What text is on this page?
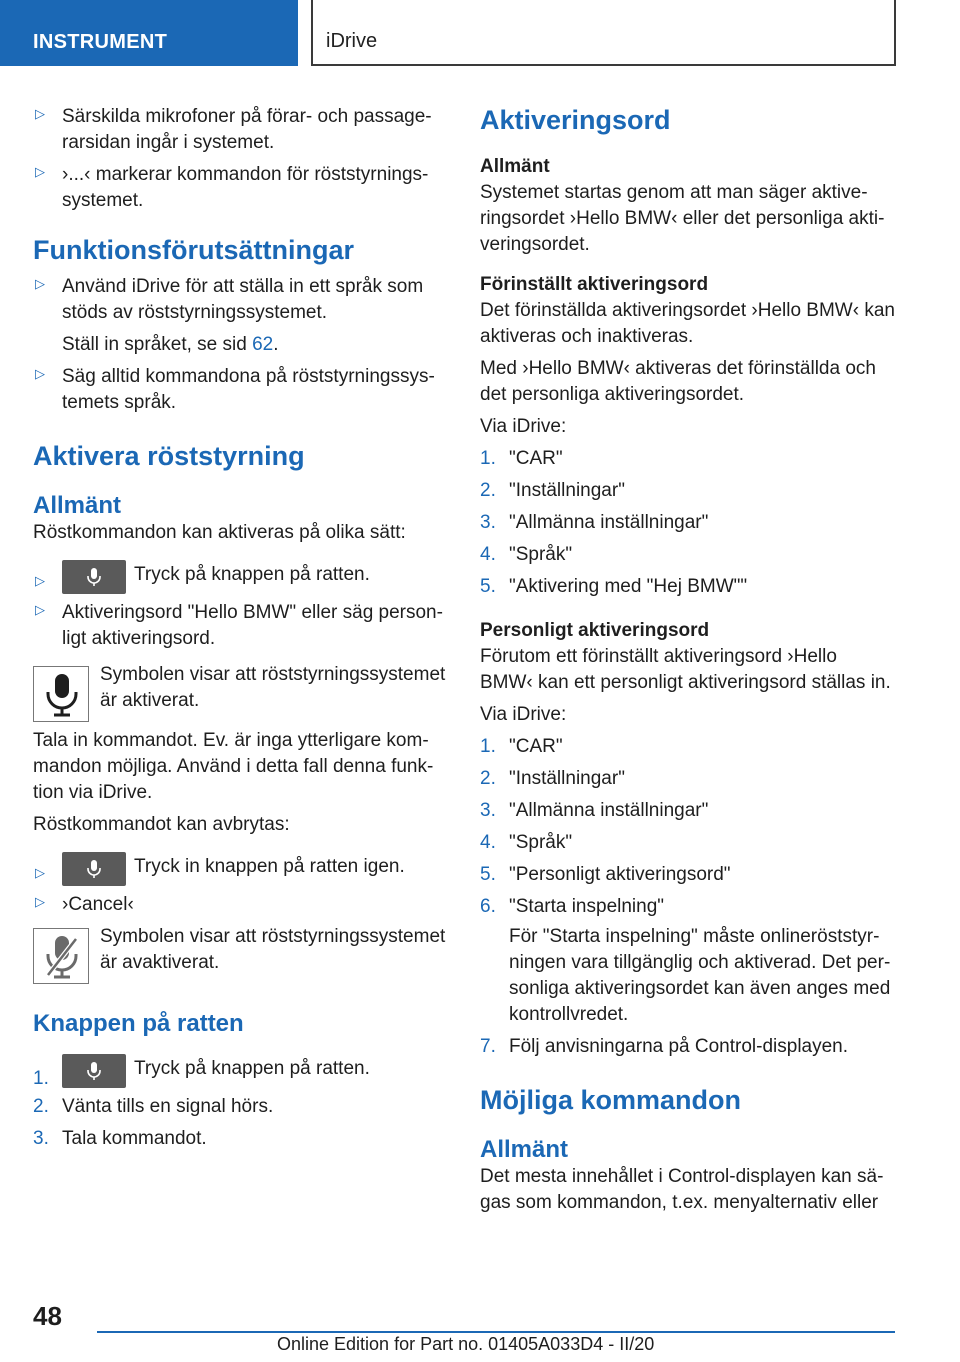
INSTRUMENT	iDrive
▷ Särskilda mikrofoner på förar- och passage-
rarsidan ingår i systemet.
▷ ›...‹ markerar kommandon för röststyrnings-
systemet.
Funktionsförutsättningar
▷ Använd iDrive för att ställa in ett språk som
stöds av röststyrningssystemet.
Ställ in språket, se sid 62.
▷ Säg alltid kommandona på röststyrningssys-
temets språk.
Aktivera röststyrning
Allmänt
Röstkommandon kan aktiveras på olika sätt:
▷	Tryck på knappen på ratten.
▷ Aktiveringsord "Hello BMW" eller säg person-
ligt aktiveringsord.
Symbolen visar att röststyrningssystemet
är aktiverat.
Tala in kommandot. Ev. är inga ytterligare kom-
mandon möjliga. Använd i detta fall denna funk-
tion via iDrive.
Röstkommandot kan avbrytas:
▷	Tryck in knappen på ratten igen.
▷ ›Cancel‹
Symbolen visar att röststyrningssystemet
är avaktiverat.
Knappen på ratten
1.	Tryck på knappen på ratten.
2. Vänta tills en signal hörs.
3. Tala kommandot.
Aktiveringsord
Allmänt
Systemet startas genom att man säger aktive-
ringsordet ›Hello BMW‹ eller det personliga akti-
veringsordet.
Förinställt aktiveringsord
Det förinställda aktiveringsordet ›Hello BMW‹ kan
aktiveras och inaktiveras.
Med ›Hello BMW‹ aktiveras det förinställda och
det personliga aktiveringsordet.
Via iDrive:
1. "CAR"
2. "Inställningar"
3. "Allmänna inställningar"
4. "Språk"
5. "Aktivering med "Hej BMW""
Personligt aktiveringsord
Förutom ett förinställt aktiveringsord ›Hello
BMW‹ kan ett personligt aktiveringsord ställas in.
Via iDrive:
1. "CAR"
2. "Inställningar"
3. "Allmänna inställningar"
4. "Språk"
5. "Personligt aktiveringsord"
6. "Starta inspelning"
För "Starta inspelning" måste onlineröststyr-
ningen vara tillgänglig och aktiverad. Det per-
sonliga aktiveringsordet kan även anges med
kontrollvredet.
7. Följ anvisningarna på Control-displayen.
Möjliga kommandon
Allmänt
Det mesta innehållet i Control-displayen kan sä-
gas som kommandon, t.ex. menyalternativ eller
48
Online Edition for Part no. 01405A033D4 - II/20
